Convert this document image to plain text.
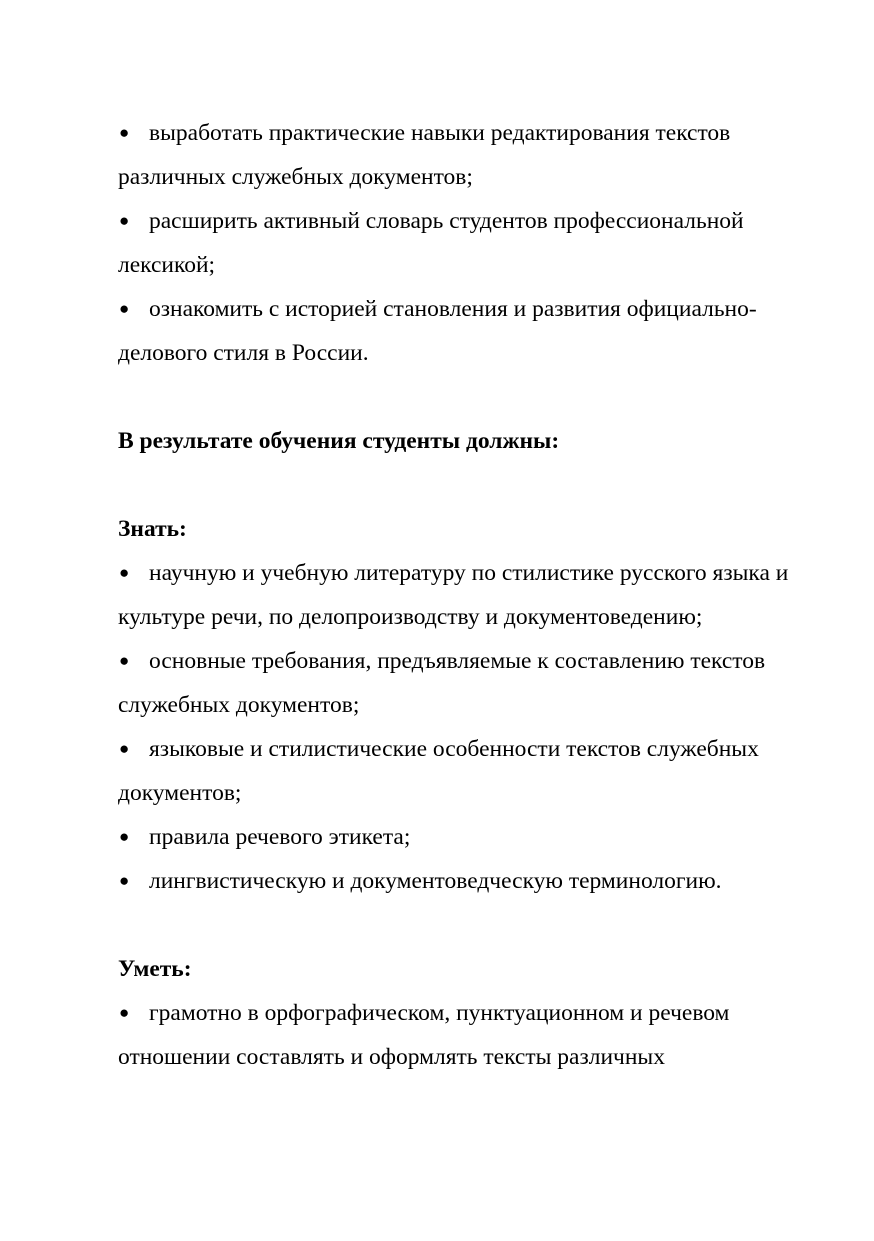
● выработать практические навыки редактирования текстов различных служебных документов;
● расширить активный словарь студентов профессиональной лексикой;
● ознакомить с историей становления и развития официально-делового стиля в России.

В результате обучения студенты должны:

Знать:

● научную и учебную литературу по стилистике русского языка и культуре речи, по делопроизводству и документоведению;
● основные требования, предъявляемые к составлению текстов служебных документов;
● языковые и стилистические особенности текстов служебных документов;
● правила речевого этикета;
● лингвистическую и документоведческую терминологию.

Уметь:

● грамотно в орфографическом, пунктуационном и речевом отношении составлять и оформлять тексты различных
